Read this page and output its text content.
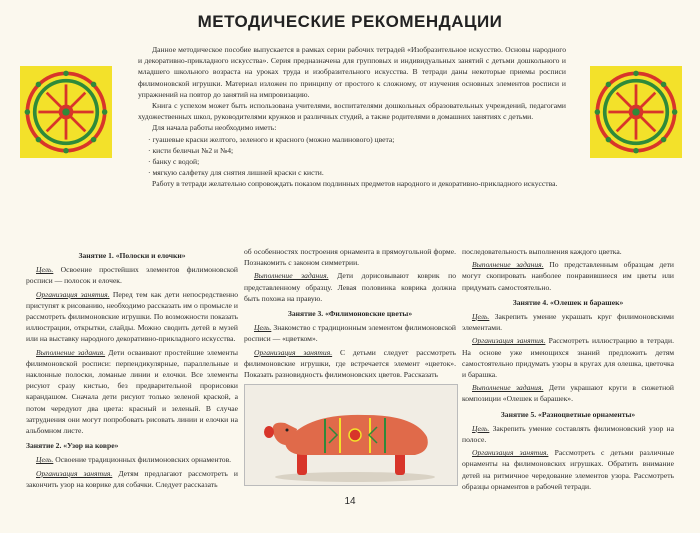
МЕТОДИЧЕСКИЕ РЕКОМЕНДАЦИИ

Данное методическое пособие выпускается в рамках серии рабочих тетрадей «Изобразительное искусство. Основы народного и декоративно-прикладного искусства». Серия предназначена для групповых и индивидуальных занятий с детьми дошкольного и младшего школьного возраста на уроках труда и изобразительного искусства. В тетради даны некоторые приемы росписи филимоновской игрушки. Материал изложен по принципу от простого к сложному, от изучения основных элементов росписи и упражнений на повтор до занятий на импровизацию.

Книга с успехом может быть использована учителями, воспитателями дошкольных образовательных учреждений, педагогами художественных школ, руководителями кружков и различных студий, а также родителями в домашних занятиях с детьми.

Для начала работы необходимо иметь:

· гуашевые краски желтого, зеленого и красного (можно малинового) цвета;
· кисти беличьи №2 и №4;
· банку с водой;
· мягкую салфетку для снятия лишней краски с кисти.

Работу в тетради желательно сопровождать показом подлинных предметов народного и декоративно-прикладного искусства.

Занятие 1. «Полоски и елочки»

Цель. Освоение простейших элементов филимоновской росписи — полосок и елочек.

Организация занятия. Перед тем как дети непосредственно приступят к рисованию, необходимо рассказать им о промысле и рассмотреть филимоновские игрушки. По возможности показать иллюстрации, открытки, слайды. Можно сводить детей в музей или на выставку народного декоративно-прикладного искусства.

Выполнение задания. Дети осваивают простейшие элементы филимоновской росписи: перпендикулярные, параллельные и наклонные полоски, ломаные линии и елочки. Все элементы рисуют сразу кистью, без предварительной прорисовки карандашом. Сначала дети рисуют только зеленой краской, а потом чередуют два цвета: красный и зеленый. В случае затруднения они могут попробовать рисовать линии и елочки на альбомном листе.

Занятие 2. «Узор на коврe»

Цель. Освоение традиционных филимоновских орнаментов.

Организация занятия. Детям предлагают рассмотреть и закончить узор на коврике для собачки. Следует рассказать

об особенностях построения орнамента в прямоугольной форме. Познакомить с законом симметрии.

Выполнение задания. Дети дорисовывают коврик по представленному образцу. Левая половинка коврика должна быть похожа на правую.

Занятие 3. «Филимоновские цветы»

Цель. Знакомство с традиционным элементом филимоновской росписи — «цветком».

Организация занятия. С детьми следует рассмотреть филимоновские игрушки, где встречается элемент «цветок». Показать разновидность филимоновских цветов. Рассказать

последовательность выполнения каждого цветка.

Выполнение задания. По представленным образцам дети могут скопировать наиболее понравившиеся им цветы или придумать самостоятельно.

Занятие 4. «Олешек и барашек»

Цель. Закрепить умение украшать круг филимоновскими элементами.

Организация занятия. Рассмотреть иллюстрацию в тетради. На основе уже имеющихся знаний предложить детям самостоятельно придумать узоры в кругах для олешка, цветочка и барашка.

Выполнение задания. Дети украшают круги в сюжетной композиции «Олешек и барашек».

Занятие 5. «Разноцветные орнаменты»

Цель. Закрепить умение составлять филимоновский узор на полосе.

Организация занятия. Рассмотреть с детьми различные орнаменты на филимоновских игрушках. Обратить внимание детей на ритмичное чередование элементов узора. Рассмотреть образцы орнаментов в рабочей тетради.

14
